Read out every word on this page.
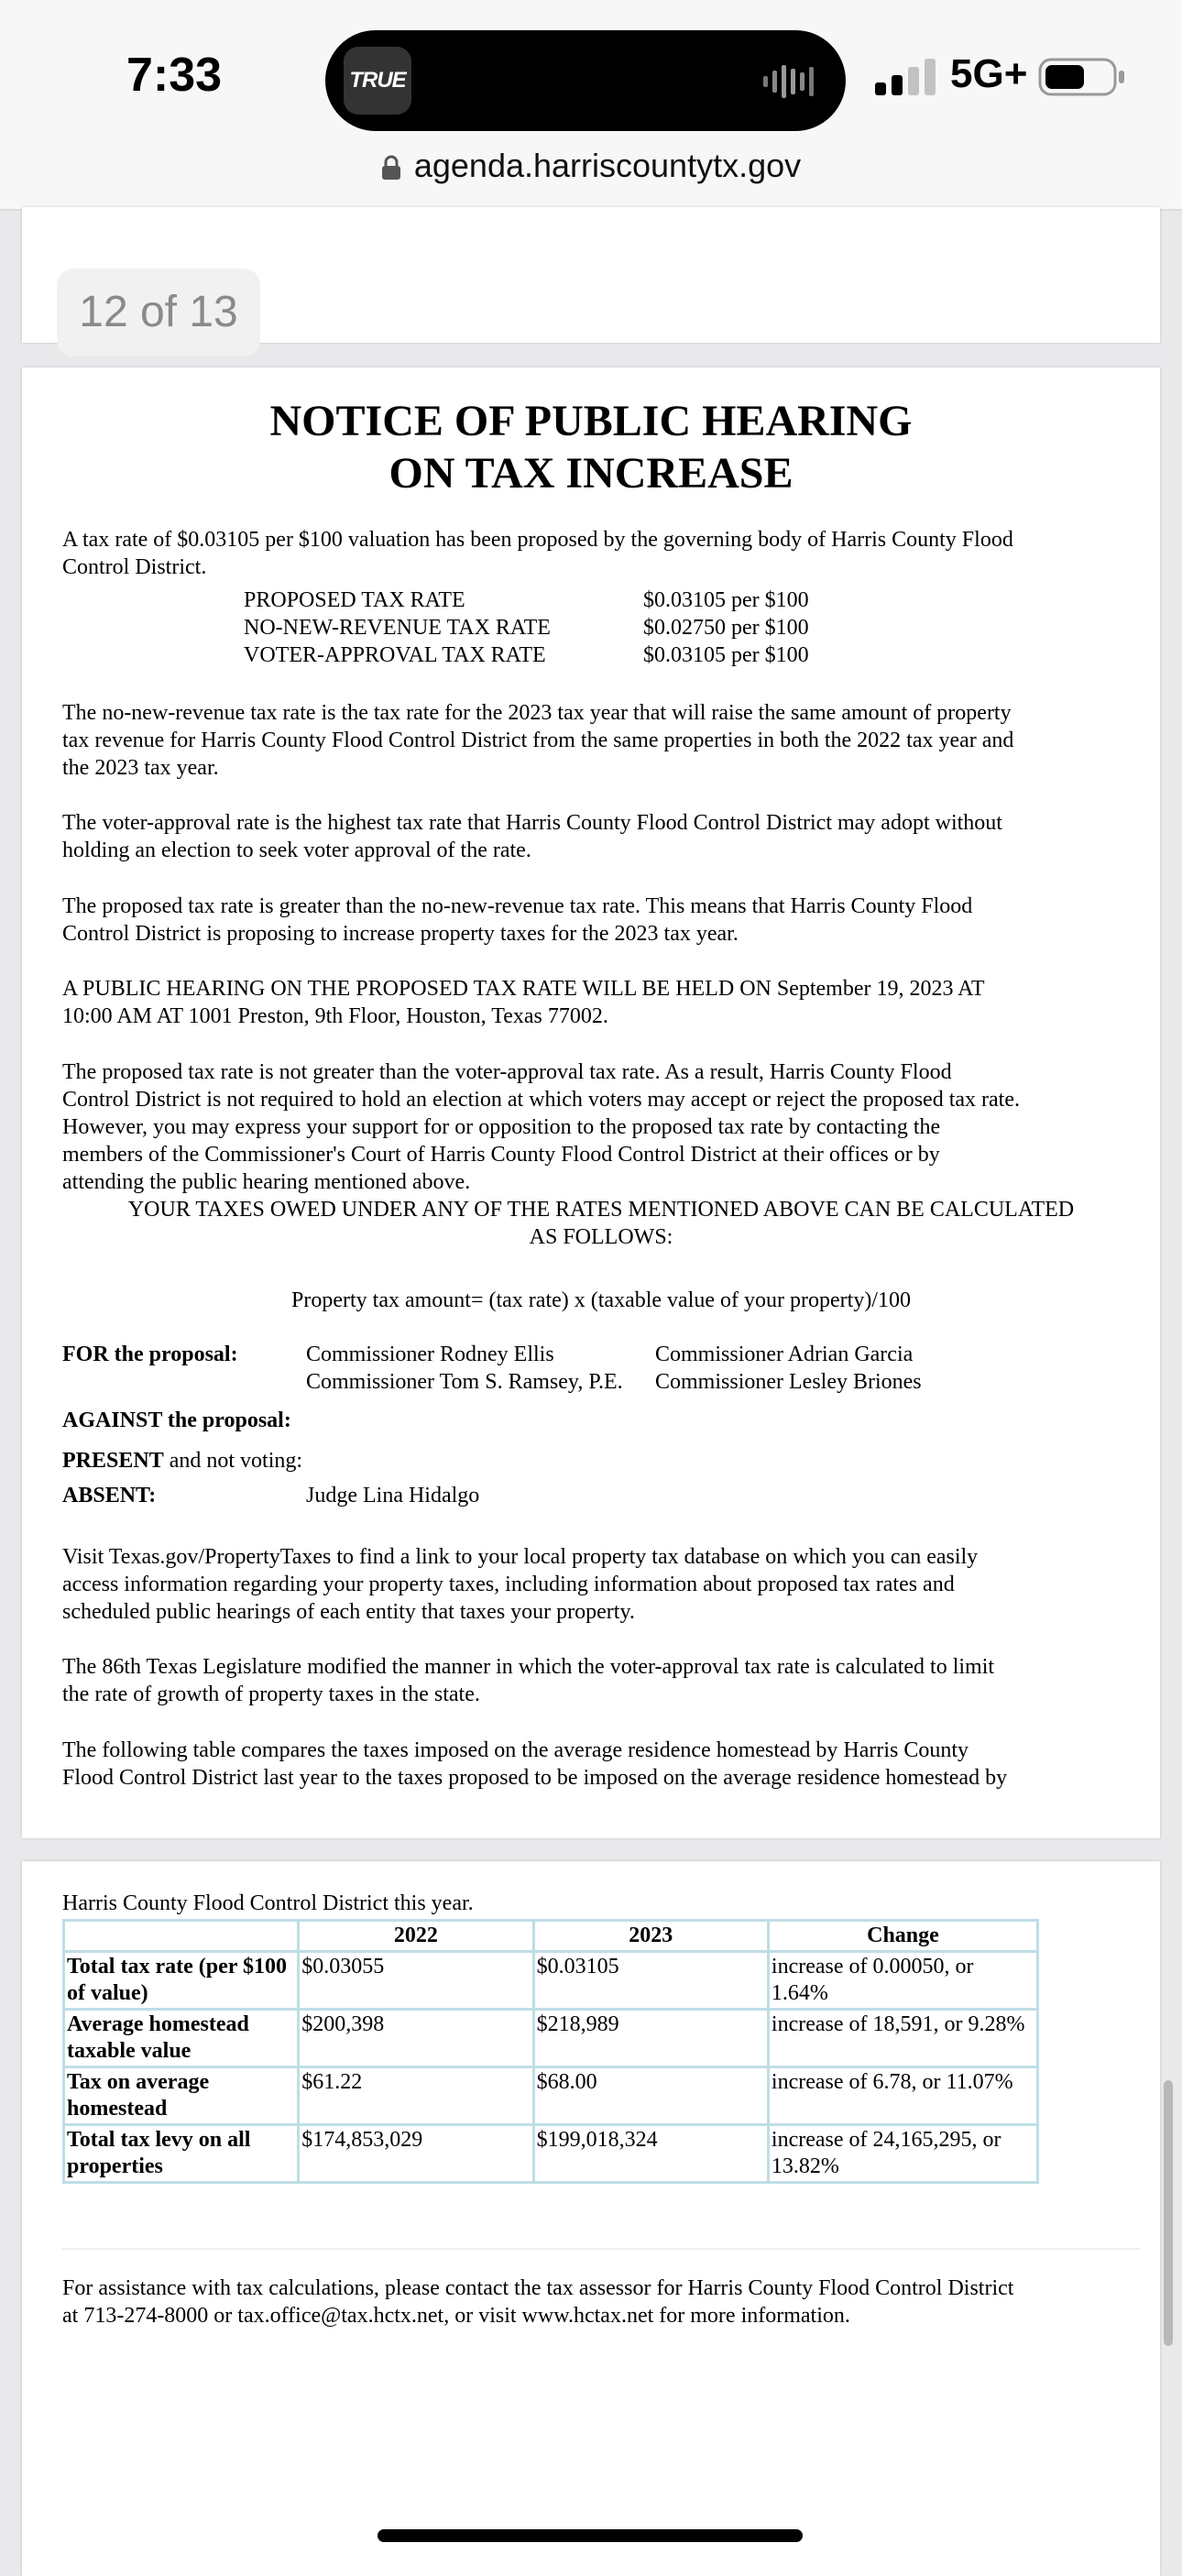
7:33	TRUE	5G+
agenda.harriscountytx.gov
12 of 13
NOTICE OF PUBLIC HEARING
ON TAX INCREASE
A tax rate of $0.03105 per $100 valuation has been proposed by the governing body of Harris County Flood
Control District.
PROPOSED TAX RATE	$0.03105 per $100
NO-NEW-REVENUE TAX RATE	$0.02750 per $100
VOTER-APPROVAL TAX RATE	$0.03105 per $100
The no-new-revenue tax rate is the tax rate for the 2023 tax year that will raise the same amount of property
tax revenue for Harris County Flood Control District from the same properties in both the 2022 tax year and
the 2023 tax year.
The voter-approval rate is the highest tax rate that Harris County Flood Control District may adopt without
holding an election to seek voter approval of the rate.
The proposed tax rate is greater than the no-new-revenue tax rate. This means that Harris County Flood
Control District is proposing to increase property taxes for the 2023 tax year.
A PUBLIC HEARING ON THE PROPOSED TAX RATE WILL BE HELD ON September 19, 2023 AT
10:00 AM AT 1001 Preston, 9th Floor, Houston, Texas 77002.
The proposed tax rate is not greater than the voter-approval tax rate. As a result, Harris County Flood
Control District is not required to hold an election at which voters may accept or reject the proposed tax rate.
However, you may express your support for or opposition to the proposed tax rate by contacting the
members of the Commissioner's Court of Harris County Flood Control District at their offices or by
attending the public hearing mentioned above.
YOUR TAXES OWED UNDER ANY OF THE RATES MENTIONED ABOVE CAN BE CALCULATED
AS FOLLOWS:
Property tax amount= (tax rate) x (taxable value of your property)/100
FOR the proposal:	Commissioner Rodney Ellis	Commissioner Adrian Garcia
Commissioner Tom S. Ramsey, P.E. Commissioner Lesley Briones
AGAINST the proposal:
PRESENT and not voting:
ABSENT:	Judge Lina Hidalgo
Visit Texas.gov/PropertyTaxes to find a link to your local property tax database on which you can easily
access information regarding your property taxes, including information about proposed tax rates and
scheduled public hearings of each entity that taxes your property.
The 86th Texas Legislature modified the manner in which the voter-approval tax rate is calculated to limit
the rate of growth of property taxes in the state.
The following table compares the taxes imposed on the average residence homestead by Harris County
Flood Control District last year to the taxes proposed to be imposed on the average residence homestead by
Harris County Flood Control District this year.
	2022	2023	Change
Total tax rate (per $100 of value)	$0.03055	$0.03105	increase of 0.00050, or 1.64%
Average homestead taxable value	$200,398	$218,989	increase of 18,591, or 9.28%
Tax on average homestead	$61.22	$68.00	increase of 6.78, or 11.07%
Total tax levy on all properties	$174,853,029	$199,018,324	increase of 24,165,295, or 13.82%
For assistance with tax calculations, please contact the tax assessor for Harris County Flood Control District
at 713-274-8000 or tax.office@tax.hctx.net, or visit www.hctax.net for more information.
